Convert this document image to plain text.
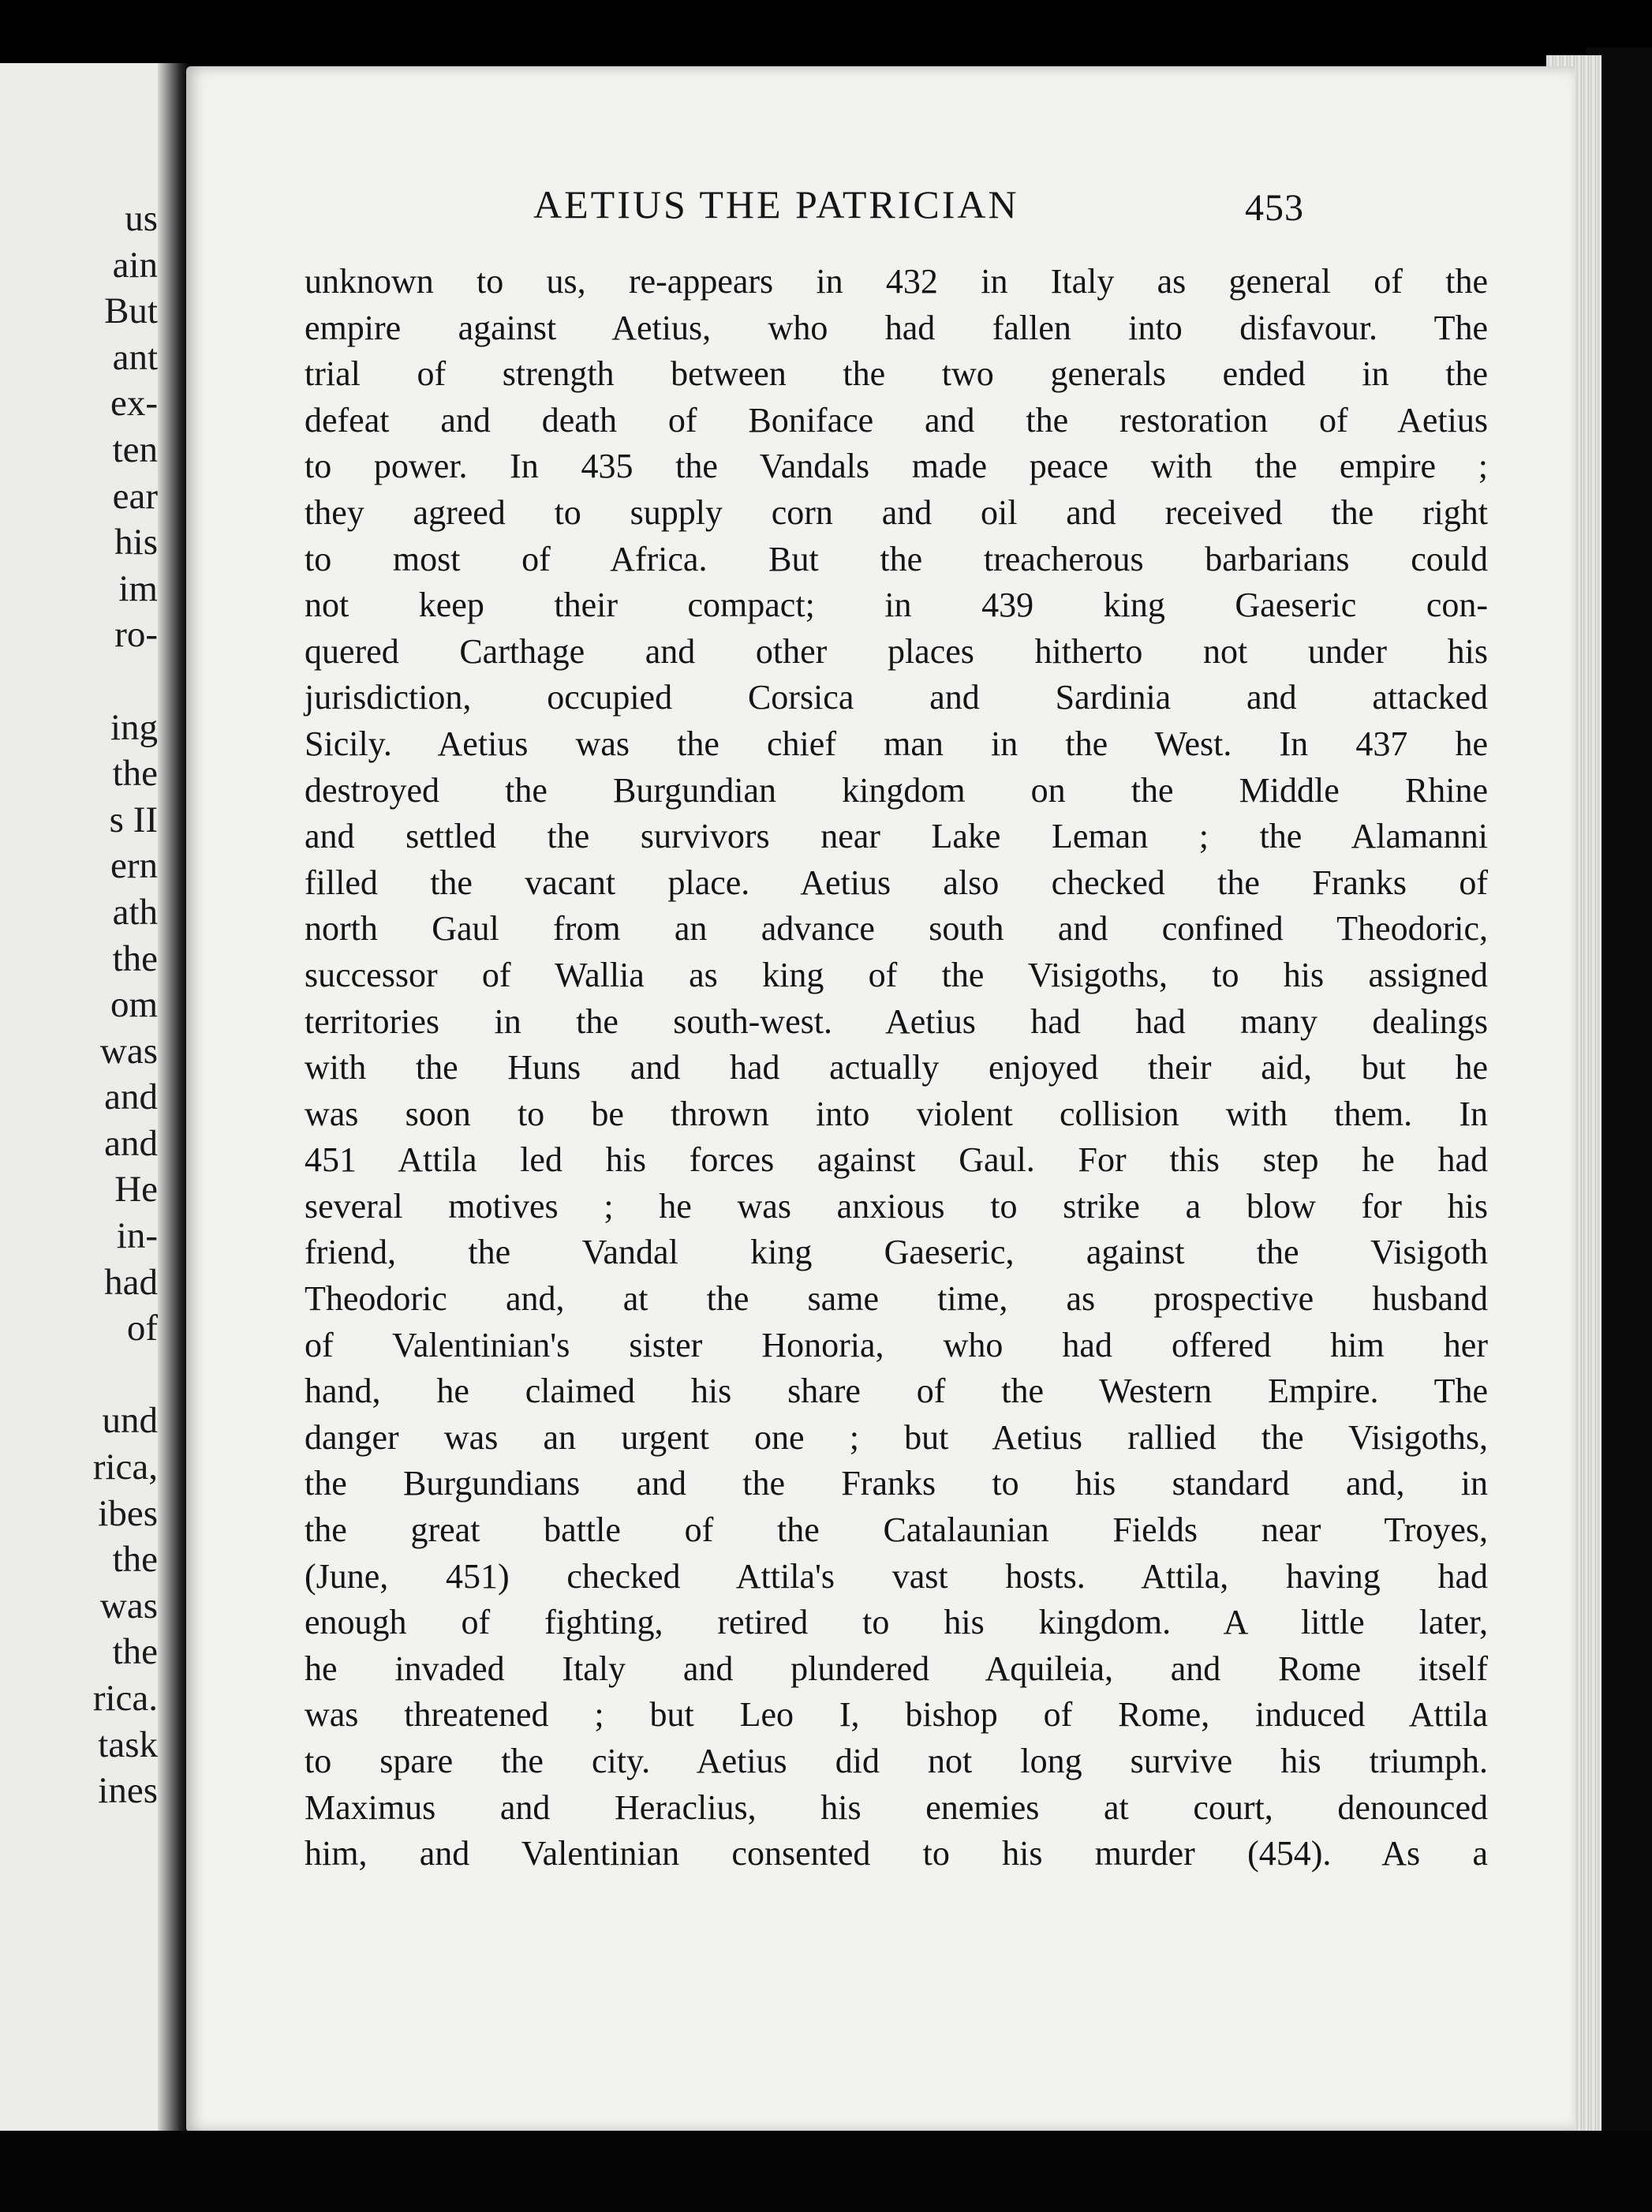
us
ain
But
ant
ex-
ten
ear
his
im
ro-
ing
the
s II
ern
ath
the
om
was
and
and
He
in-
had
of
und
rica,
ibes
the
was
the
rica.
task
ines
AETIUS THE PATRICIAN	453
unknown to us, re-appears in 432 in Italy as general of the
empire against Aetius, who had fallen into disfavour. The
trial of strength between the two generals ended in the
defeat and death of Boniface and the restoration of Aetius
to power. In 435 the Vandals made peace with the empire ;
they agreed to supply corn and oil and received the right
to most of Africa. But the treacherous barbarians could
not keep their compact; in 439 king Gaeseric con-
quered Carthage and other places hitherto not under his
jurisdiction, occupied Corsica and Sardinia and attacked
Sicily. Aetius was the chief man in the West. In 437 he
destroyed the Burgundian kingdom on the Middle Rhine
and settled the survivors near Lake Leman ; the Alamanni
filled the vacant place. Aetius also checked the Franks of
north Gaul from an advance south and confined Theodoric,
successor of Wallia as king of the Visigoths, to his assigned
territories in the south-west. Aetius had had many dealings
with the Huns and had actually enjoyed their aid, but he
was soon to be thrown into violent collision with them. In
451 Attila led his forces against Gaul. For this step he had
several motives ; he was anxious to strike a blow for his
friend, the Vandal king Gaeseric, against the Visigoth
Theodoric and, at the same time, as prospective husband
of Valentinian's sister Honoria, who had offered him her
hand, he claimed his share of the Western Empire. The
danger was an urgent one ; but Aetius rallied the Visigoths,
the Burgundians and the Franks to his standard and, in
the great battle of the Catalaunian Fields near Troyes,
(June, 451) checked Attila's vast hosts. Attila, having had
enough of fighting, retired to his kingdom. A little later,
he invaded Italy and plundered Aquileia, and Rome itself
was threatened ; but Leo I, bishop of Rome, induced Attila
to spare the city. Aetius did not long survive his triumph.
Maximus and Heraclius, his enemies at court, denounced
him, and Valentinian consented to his murder (454). As a
